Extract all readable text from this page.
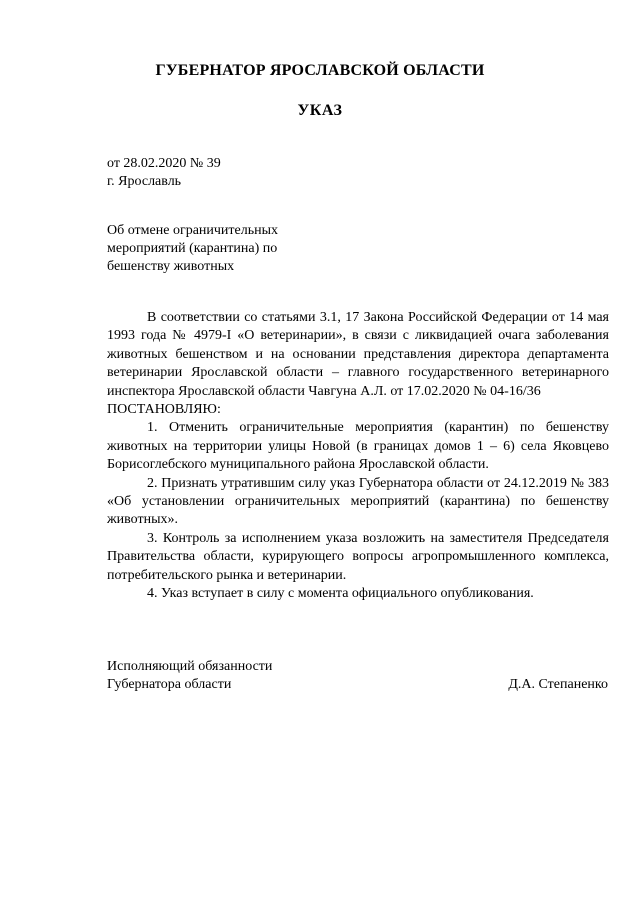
ГУБЕРНАТОР ЯРОСЛАВСКОЙ ОБЛАСТИ
УКАЗ
от 28.02.2020 № 39
г. Ярославль
Об отмене ограничительных
мероприятий (карантина) по
бешенству животных

В соответствии со статьями 3.1, 17 Закона Российской Федерации от 14 мая 1993 года № 4979-I «О ветеринарии», в связи с ликвидацией очага заболевания животных бешенством и на основании представления директора департамента ветеринарии Ярославской области – главного государственного ветеринарного инспектора Ярославской области Чавгуна А.Л. от 17.02.2020 № 04-16/36

ПОСТАНОВЛЯЮ:

1. Отменить ограничительные мероприятия (карантин) по бешенству животных на территории улицы Новой (в границах домов 1 – 6) села Яковцево Борисоглебского муниципального района Ярославской области.

2. Признать утратившим силу указ Губернатора области от 24.12.2019 № 383 «Об установлении ограничительных мероприятий (карантина) по бешенству животных».

3. Контроль за исполнением указа возложить на заместителя Председателя Правительства области, курирующего вопросы агропромышленного комплекса, потребительского рынка и ветеринарии.

4. Указ вступает в силу с момента официального опубликования.

Исполняющий обязанности
Губернатора области	Д.А. Степаненко
